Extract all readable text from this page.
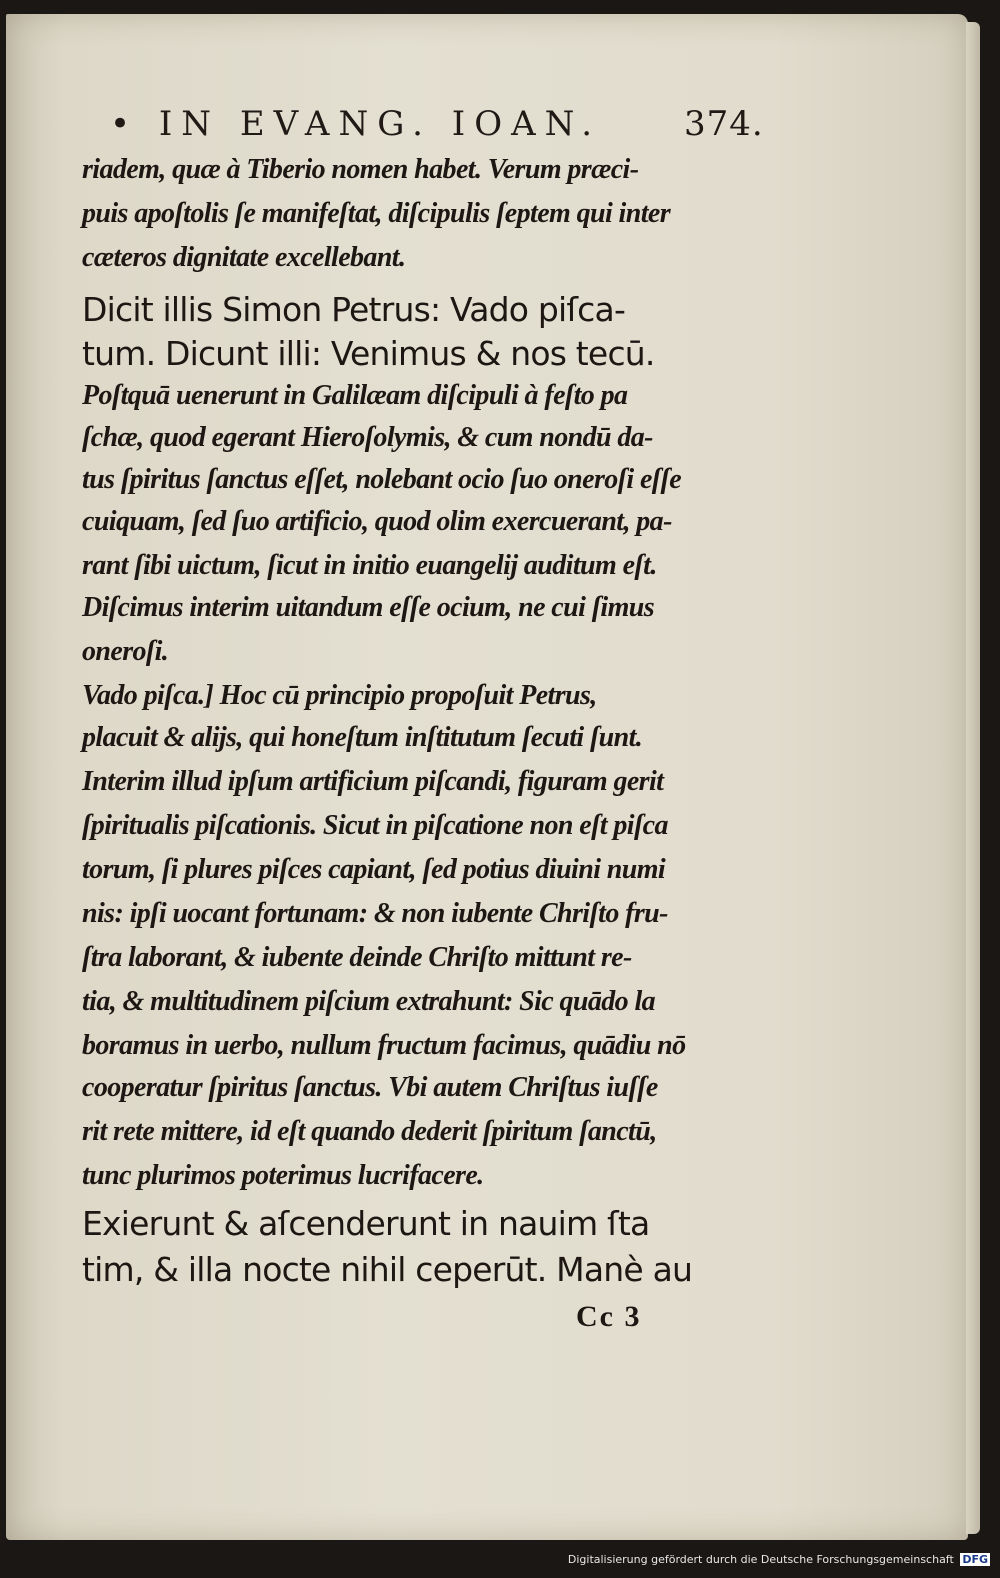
• IN EVANG. IOAN. 374.
riadem, quæ à Tiberio nomen habet. Verum præci-
puis apoſtolis ſe manifeſtat, diſcipulis ſeptem qui inter
cæteros dignitate excellebant.
Dicit illis Simon Petrus: Vado piſca-
tum. Dicunt illi: Venimus & nos tecū.
Poſtquā uenerunt in Galilæam diſcipuli à feſto pa
ſchæ, quod egerant Hieroſolymis, & cum nondū da-
tus ſpiritus ſanctus eſſet, nolebant ocio ſuo oneroſi eſſe
cuiquam, ſed ſuo artificio, quod olim exercuerant, pa-
rant ſibi uictum, ſicut in initio euangelij auditum eſt.
Diſcimus interim uitandum eſſe ocium, ne cui ſimus
oneroſi.
Vado piſca.] Hoc cū principio propoſuit Petrus,
placuit & alijs, qui honeſtum inſtitutum ſecuti ſunt.
Interim illud ipſum artificium piſcandi, figuram gerit
ſpiritualis piſcationis. Sicut in piſcatione non eſt piſca
torum, ſi plures piſces capiant, ſed potius diuini numi
nis: ipſi uocant fortunam: & non iubente Chriſto fru-
ſtra laborant, & iubente deinde Chriſto mittunt re-
tia, & multitudinem piſcium extrahunt: Sic quādo la
boramus in uerbo, nullum fructum facimus, quādiu nō
cooperatur ſpiritus ſanctus. Vbi autem Chriſtus iuſſe
rit rete mittere, id eſt quando dederit ſpiritum ſanctū,
tunc plurimos poterimus lucrifacere.
Exierunt & aſcenderunt in nauim ſta
tim, & illa nocte nihil ceperūt. Manè au
Cc 3
Digitalisierung gefördert durch die Deutsche Forschungsgemeinschaft DFG
